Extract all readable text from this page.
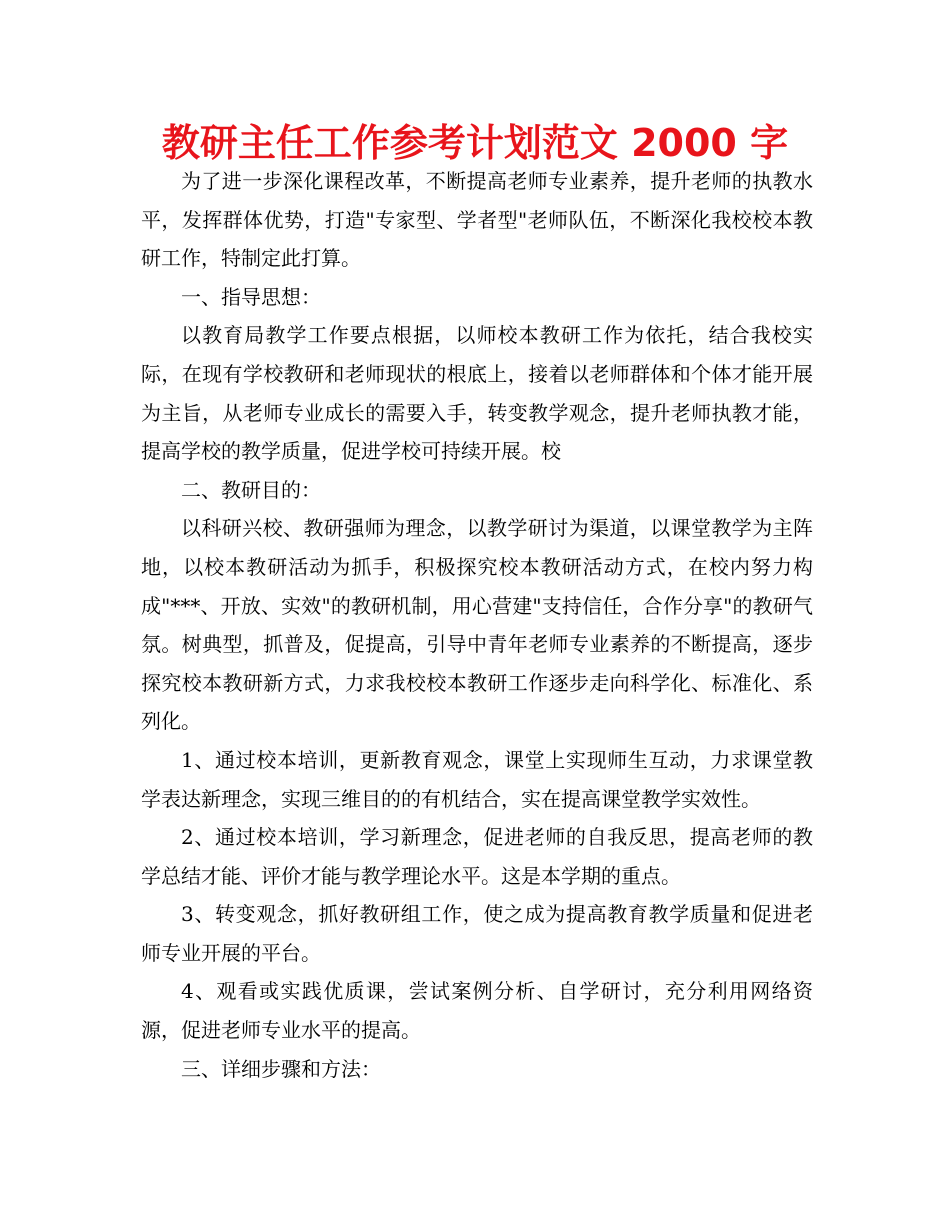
教研主任工作参考计划范文 2000 字

为了进一步深化课程改革，不断提高老师专业素养，提升老师的执教水平，发挥群体优势，打造"专家型、学者型"老师队伍，不断深化我校校本教研工作，特制定此打算。

一、指导思想：

以教育局教学工作要点根据，以师校本教研工作为依托，结合我校实际，在现有学校教研和老师现状的根底上，接着以老师群体和个体才能开展为主旨，从老师专业成长的需要入手，转变教学观念，提升老师执教才能，提高学校的教学质量，促进学校可持续开展。校

二、教研目的：

以科研兴校、教研强师为理念，以教学研讨为渠道，以课堂教学为主阵地，以校本教研活动为抓手，积极探究校本教研活动方式，在校内努力构成"***、开放、实效"的教研机制，用心营建"支持信任，合作分享"的教研气氛。树典型，抓普及，促提高，引导中青年老师专业素养的不断提高，逐步探究校本教研新方式，力求我校校本教研工作逐步走向科学化、标准化、系列化。

1、通过校本培训，更新教育观念，课堂上实现师生互动，力求课堂教学表达新理念，实现三维目的的有机结合，实在提高课堂教学实效性。

2、通过校本培训，学习新理念，促进老师的自我反思，提高老师的教学总结才能、评价才能与教学理论水平。这是本学期的重点。

3、转变观念，抓好教研组工作，使之成为提高教育教学质量和促进老师专业开展的平台。

4、观看或实践优质课，尝试案例分析、自学研讨，充分利用网络资源，促进老师专业水平的提高。

三、详细步骤和方法：
